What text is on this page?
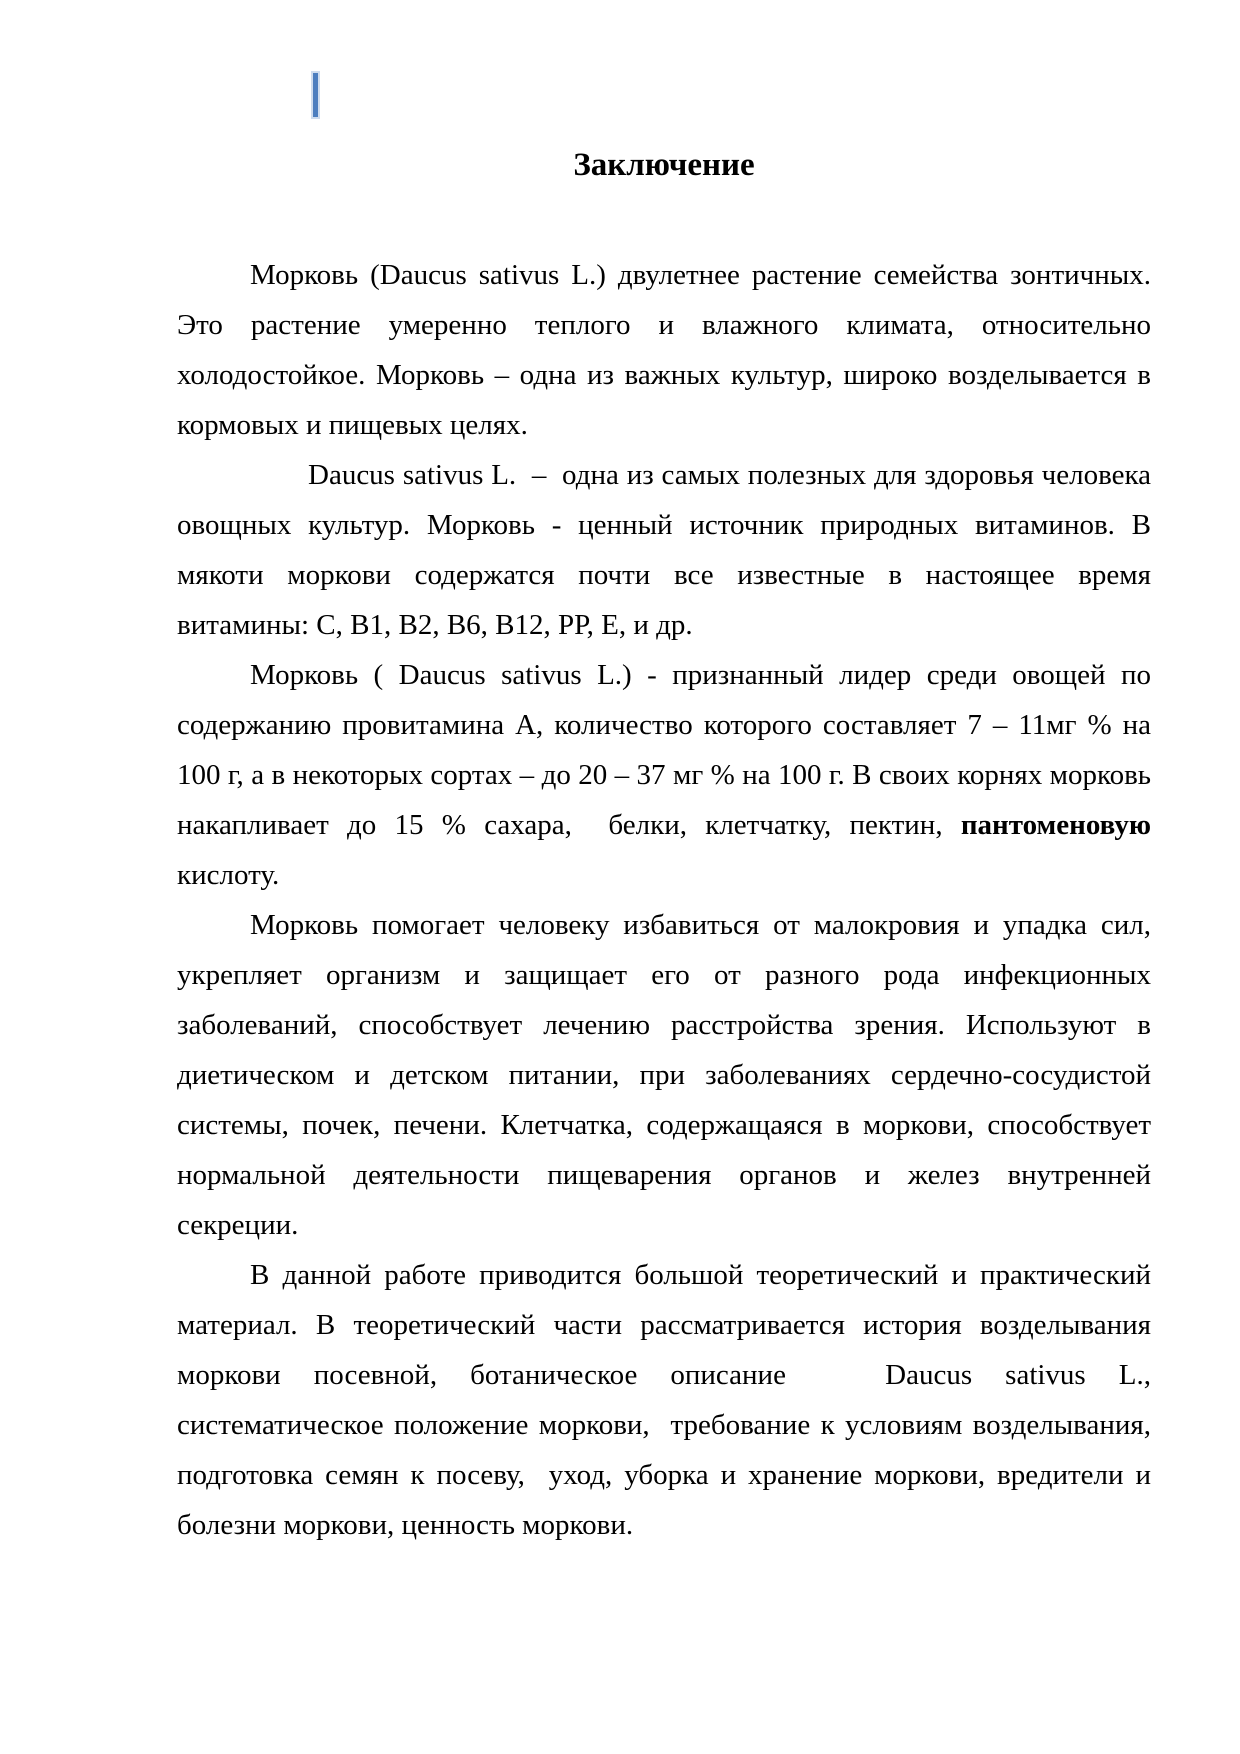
Заключение

Морковь (Daucus sativus L.) двулетнее растение семейства зонтичных. Это растение умеренно теплого и влажного климата, относительно холодостойкое. Морковь – одна из важных культур, широко возделывается в кормовых и пищевых целях.

Daucus sativus L.  –  одна из самых полезных для здоровья человека овощных культур. Морковь - ценный источник природных витаминов. В мякоти моркови содержатся почти все известные в настоящее время витамины: С, В1, В2, В6, В12, РР, Е, и др.

Морковь ( Daucus sativus L.) - признанный лидер среди овощей по содержанию провитамина А, количество которого составляет 7 – 11мг % на 100 г, а в некоторых сортах – до 20 – 37 мг % на 100 г. В своих корнях морковь накапливает до 15 % сахара,  белки, клетчатку, пектин, пантоменовую кислоту.

Морковь помогает человеку избавиться от малокровия и упадка сил, укрепляет организм и защищает его от разного рода инфекционных заболеваний, способствует лечению расстройства зрения. Используют в диетическом и детском питании, при заболеваниях сердечно-сосудистой системы, почек, печени. Клетчатка, содержащаяся в моркови, способствует нормальной деятельности пищеварения органов и желез внутренней секреции.

В данной работе приводится большой теоретический и практический материал. В теоретический части рассматривается история возделывания моркови посевной, ботаническое описание   Daucus sativus L., систематическое положение моркови,  требование к условиям возделывания, подготовка семян к посеву,  уход, уборка и хранение моркови, вредители и болезни моркови, ценность моркови.
